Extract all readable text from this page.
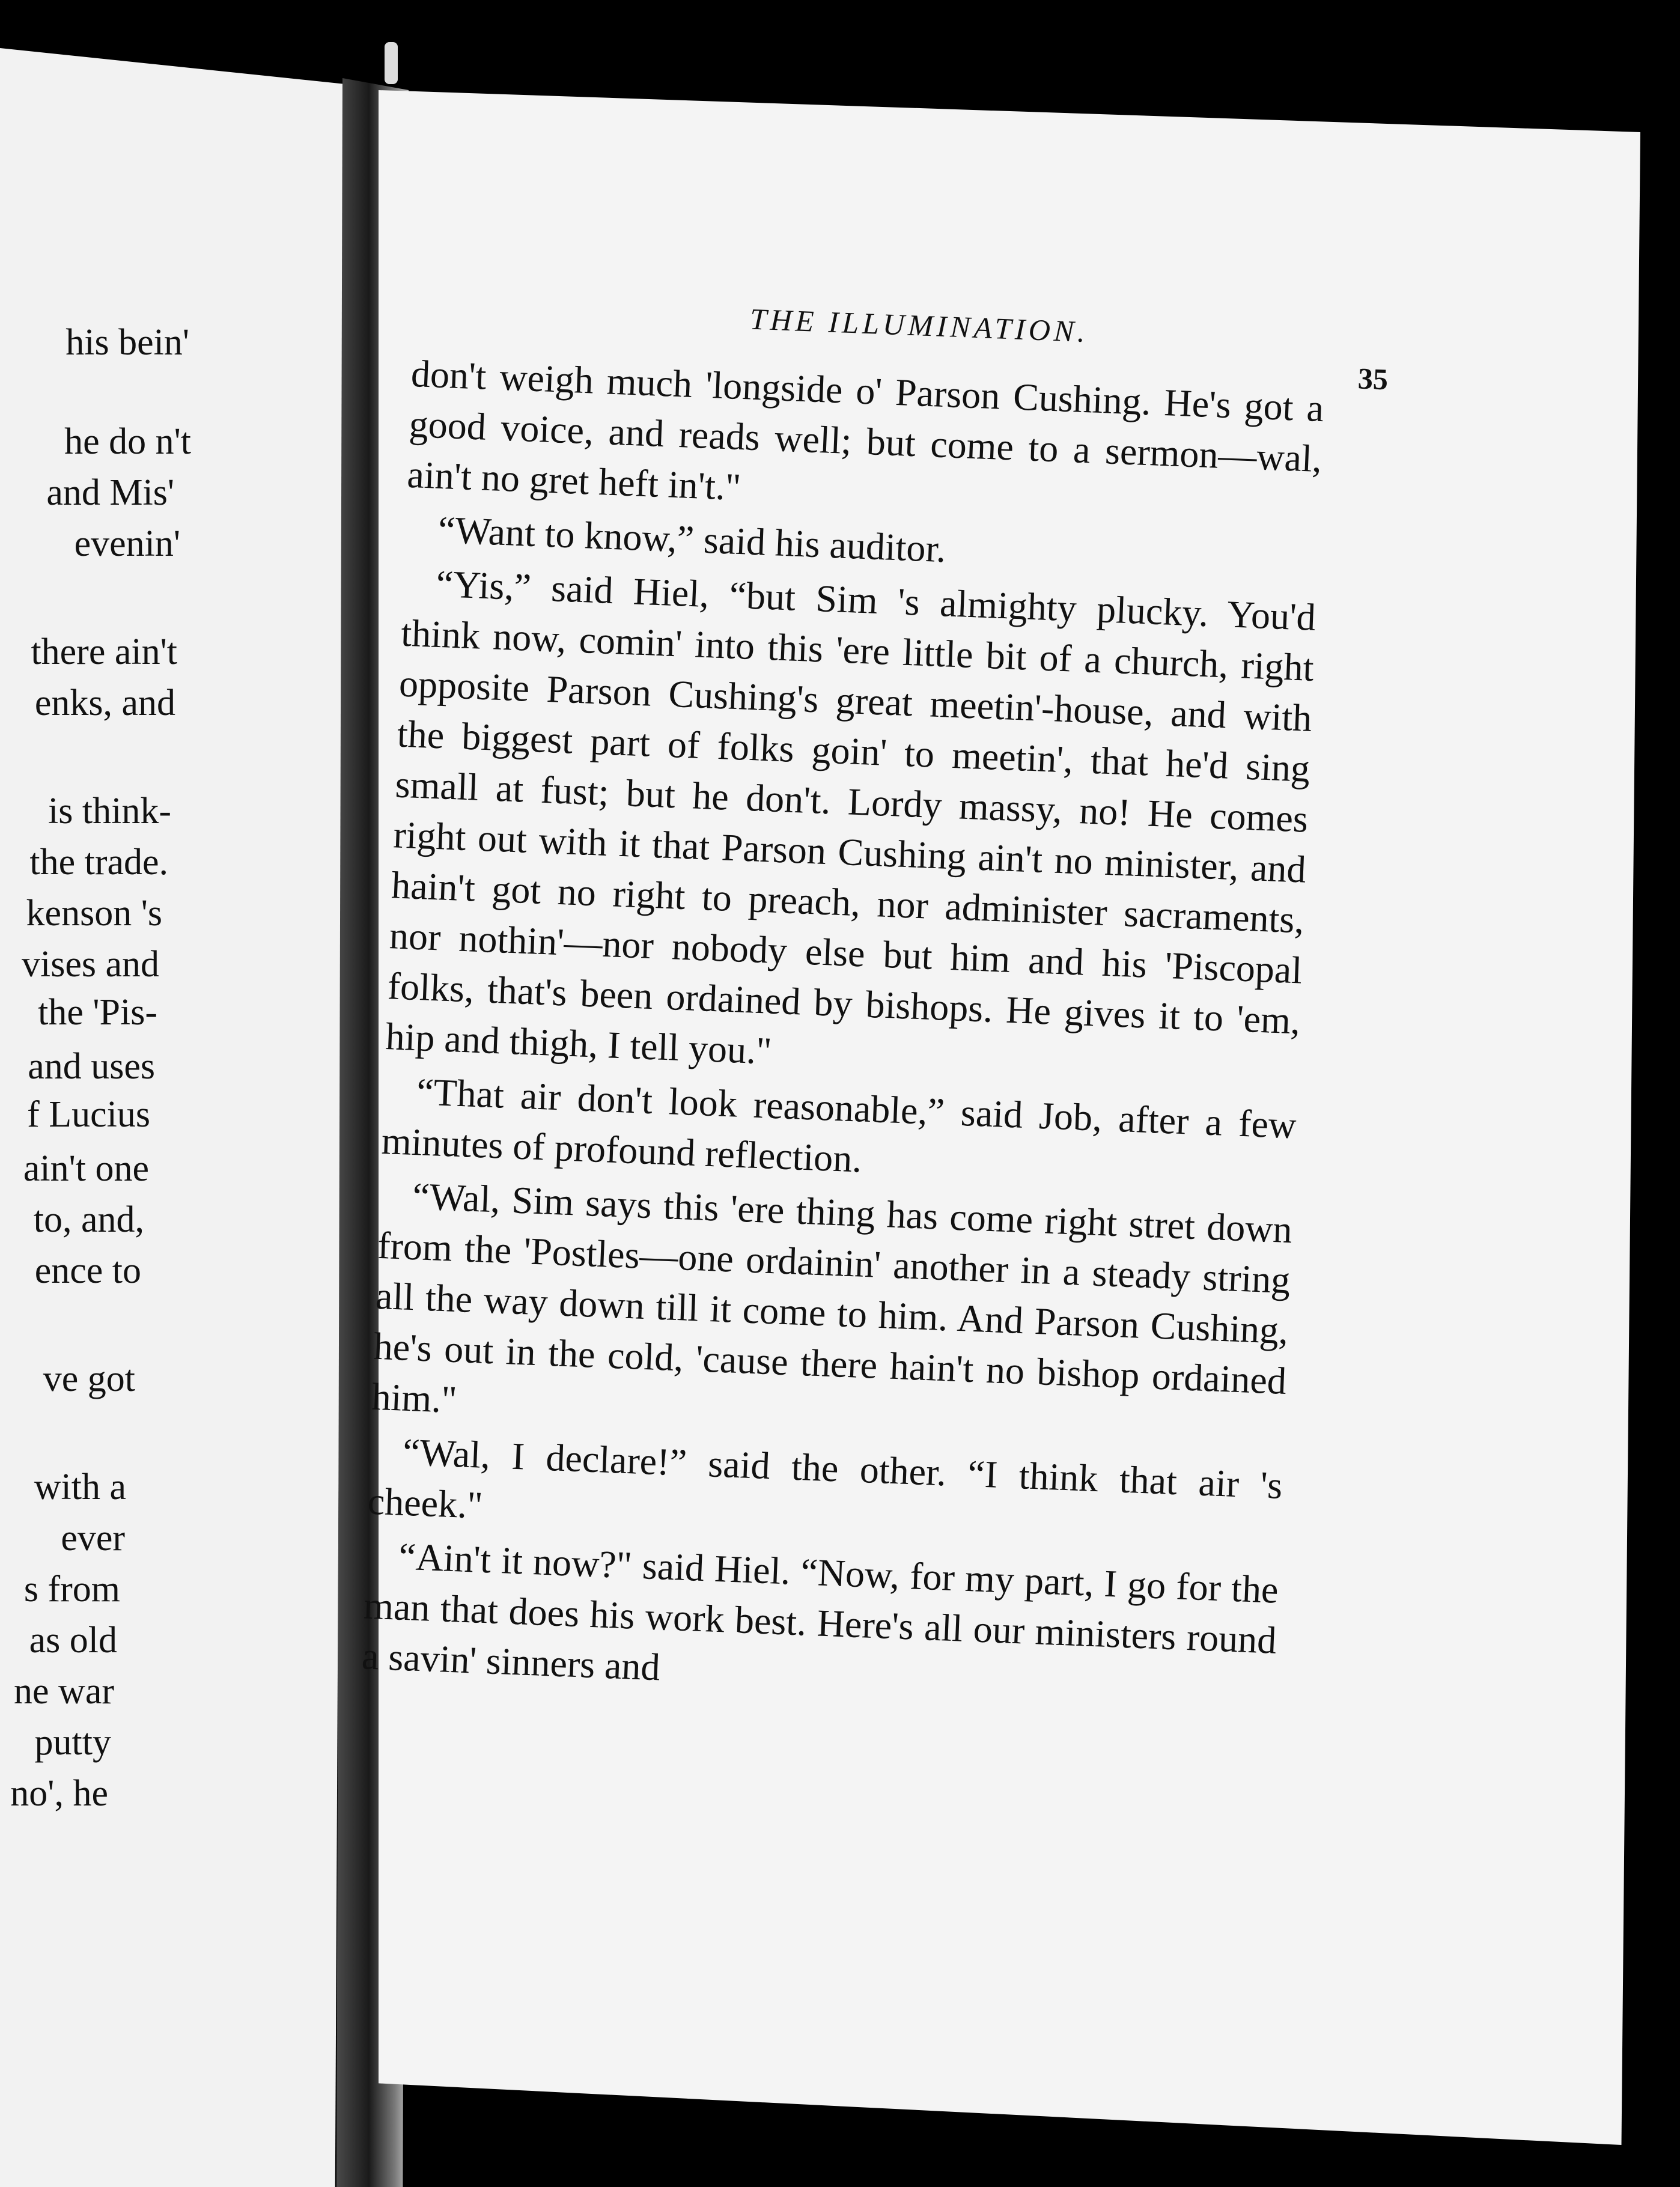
his bein'
he do n't
and Mis'
evenin'
there ain't
enks, and
is think-
the trade.
kenson 's
vises and
the 'Pis-
and uses
f Lucius
ain't one
to, and,
ence to
ve got
with a
ever
s from
as old
ne war
putty
no', he
THE ILLUMINATION.
35

don't weigh much 'longside o' Parson Cushing. He's got a good voice, and reads well; but come to a sermon—wal, ain't no gret heft in't."

“Want to know,” said his auditor.

“Yis,” said Hiel, “but Sim 's almighty plucky. You'd think now, comin' into this 'ere little bit of a church, right opposite Parson Cushing's great meetin'-house, and with the biggest part of folks goin' to meetin', that he'd sing small at fust; but he don't. Lordy massy, no! He comes right out with it that Parson Cushing ain't no minister, and hain't got no right to preach, nor administer sacraments, nor nothin'—nor nobody else but him and his 'Piscopal folks, that's been ordained by bishops. He gives it to 'em, hip and thigh, I tell you."

“That air don't look reasonable,” said Job, after a few minutes of profound reflection.

“Wal, Sim says this 'ere thing has come right stret down from the 'Postles—one ordainin' another in a steady string all the way down till it come to him. And Parson Cushing, he's out in the cold, 'cause there hain't no bishop ordained him."

“Wal, I declare!” said the other. “I think that air 's cheek."

“Ain't it now?" said Hiel. “Now, for my part, I go for the man that does his work best. Here's all our ministers round a savin' sinners and
